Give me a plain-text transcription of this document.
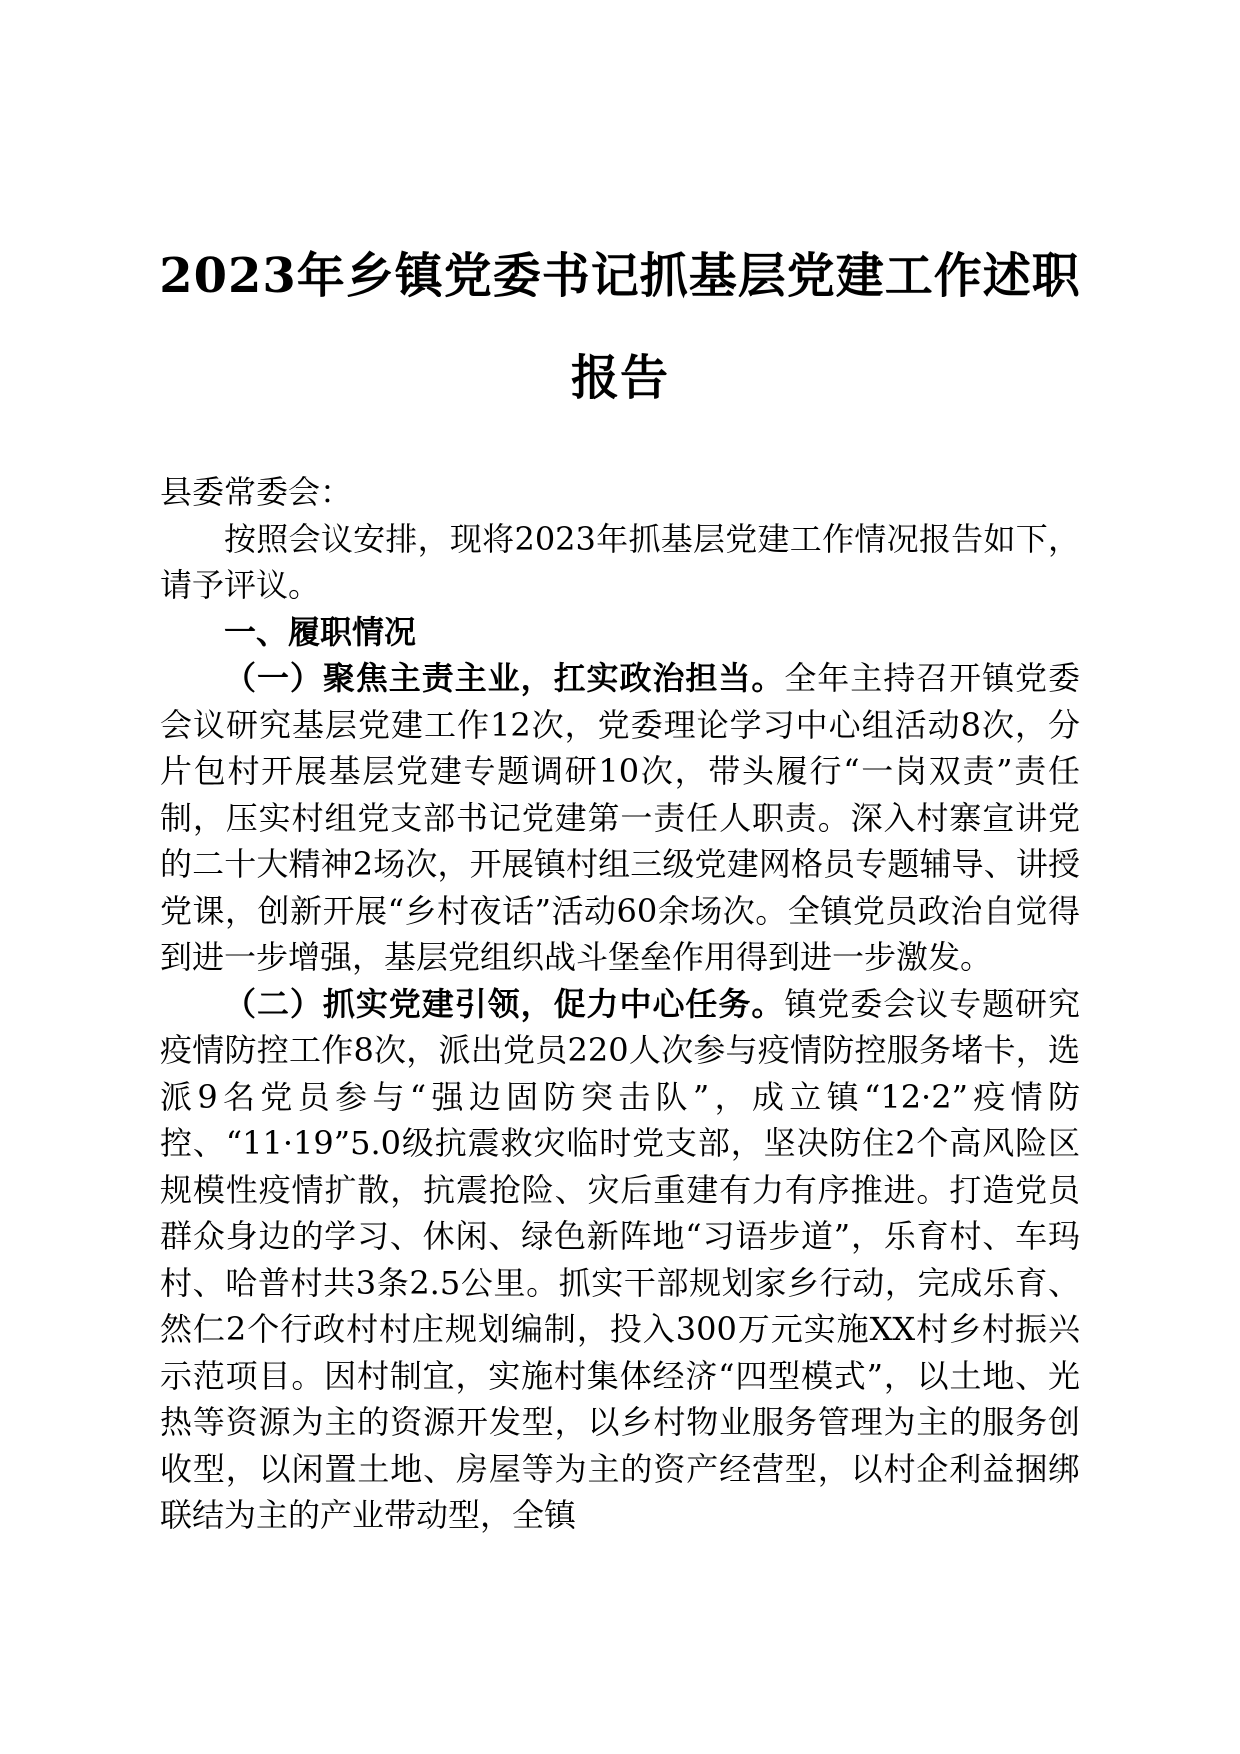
2023年乡镇党委书记抓基层党建工作述职报告

县委常委会：

按照会议安排，现将2023年抓基层党建工作情况报告如下，请予评议。

一、履职情况

（一）聚焦主责主业，扛实政治担当。全年主持召开镇党委会议研究基层党建工作12次，党委理论学习中心组活动8次，分片包村开展基层党建专题调研10次，带头履行“一岗双责”责任制，压实村组党支部书记党建第一责任人职责。深入村寨宣讲党的二十大精神2场次，开展镇村组三级党建网格员专题辅导、讲授党课，创新开展“乡村夜话”活动60余场次。全镇党员政治自觉得到进一步增强，基层党组织战斗堡垒作用得到进一步激发。

（二）抓实党建引领，促力中心任务。镇党委会议专题研究疫情防控工作8次，派出党员220人次参与疫情防控服务堵卡，选派9名党员参与“强边固防突击队”，成立镇“12·2”疫情防控、“11·19”5.0级抗震救灾临时党支部，坚决防住2个高风险区规模性疫情扩散，抗震抢险、灾后重建有力有序推进。打造党员群众身边的学习、休闲、绿色新阵地“习语步道”，乐育村、车玛村、哈普村共3条2.5公里。抓实干部规划家乡行动，完成乐育、然仁2个行政村村庄规划编制，投入300万元实施XX村乡村振兴示范项目。因村制宜，实施村集体经济“四型模式”，以土地、光热等资源为主的资源开发型，以乡村物业服务管理为主的服务创收型，以闲置土地、房屋等为主的资产经营型，以村企利益捆绑联结为主的产业带动型，全镇
